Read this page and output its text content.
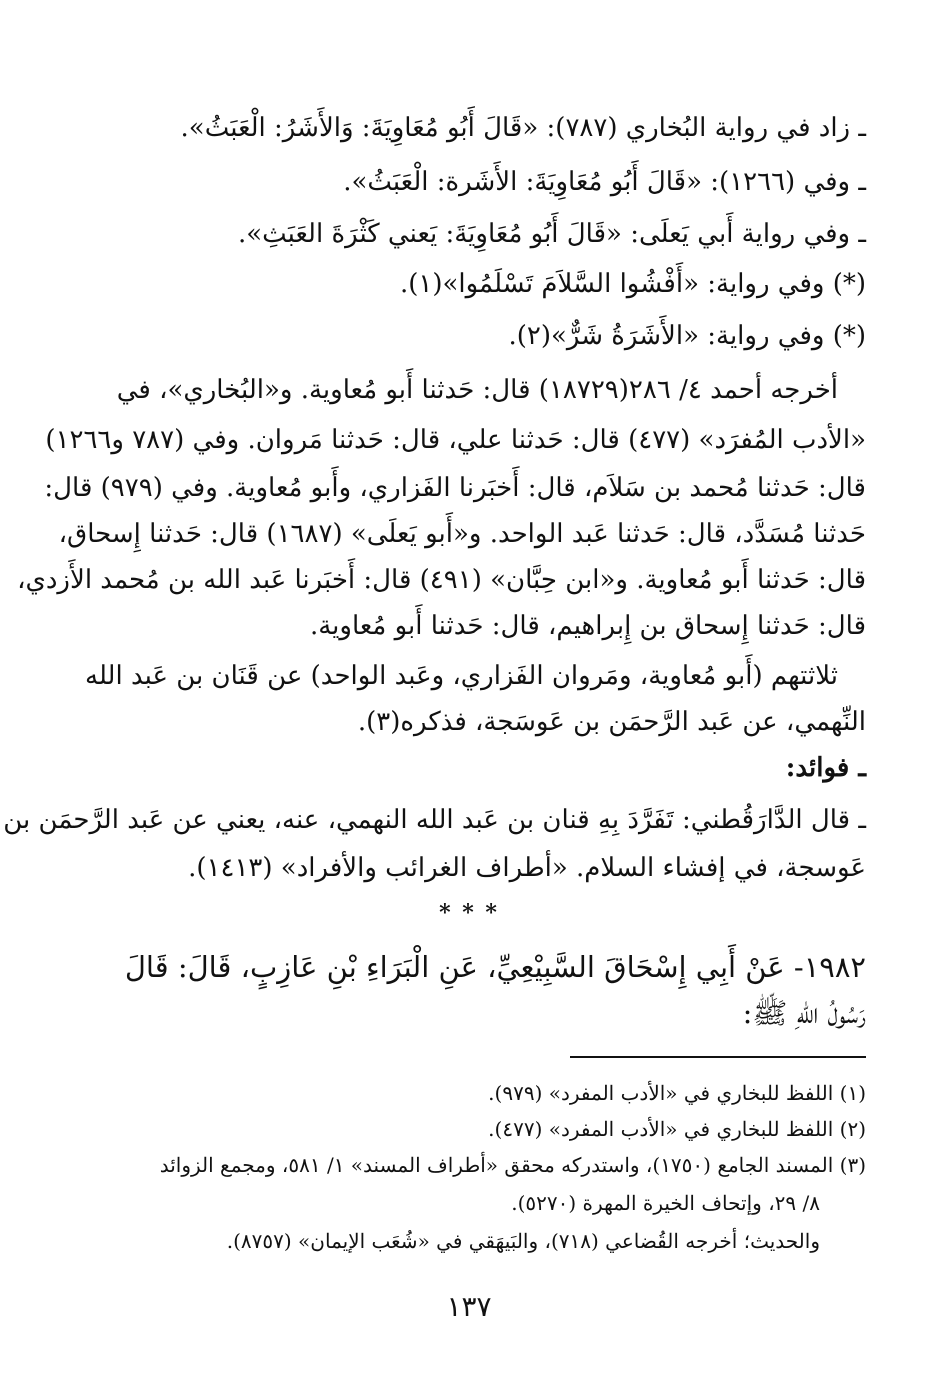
ـ زاد في رواية البُخاري (٧٨٧): «قَالَ أَبُو مُعَاوِيَةَ: وَالأَشَرُ: الْعَبَثُ».
ـ وفي (١٢٦٦): «قَالَ أَبُو مُعَاوِيَةَ: الأَشَرة: الْعَبَثُ».
ـ وفي رواية أَبي يَعلَى: «قَالَ أَبُو مُعَاوِيَةَ: يَعني كَثْرَةَ العَبَثِ».
(*) وفي رواية: «أَفْشُوا السَّلاَمَ تَسْلَمُوا»(١).
(*) وفي رواية: «الأَشَرَةُ شَرٌّ»(٢).
أخرجه أحمد ٤/ ٢٨٦(١٨٧٢٩) قال: حَدثنا أَبو مُعاوية. و«البُخاري»، في
«الأدب المُفرَد» (٤٧٧) قال: حَدثنا علي، قال: حَدثنا مَروان. وفي (٧٨٧ و١٢٦٦)
قال: حَدثنا مُحمد بن سَلاَم، قال: أَخبَرنا الفَزاري، وأَبو مُعاوية. وفي (٩٧٩) قال:
حَدثنا مُسَدَّد، قال: حَدثنا عَبد الواحد. و«أَبو يَعلَى» (١٦٨٧) قال: حَدثنا إِسحاق،
قال: حَدثنا أَبو مُعاوية. و«ابن حِبَّان» (٤٩١) قال: أَخبَرنا عَبد الله بن مُحمد الأَزدي،
قال: حَدثنا إِسحاق بن إِبراهيم، قال: حَدثنا أَبو مُعاوية.
ثلاثتهم (أَبو مُعاوية، ومَروان الفَزاري، وعَبد الواحد) عن قَنَان بن عَبد الله
النِّهمي، عن عَبد الرَّحمَن بن عَوسَجة، فذكره(٣).
ـ فوائد:
ـ قال الدَّارَقُطني: تَفَرَّدَ بِهِ قنان بن عَبد الله النهمي، عنه، يعني عن عَبد الرَّحمَن بن
عَوسجة، في إفشاء السلام. «أطراف الغرائب والأفراد» (١٤١٣).
* * *
١٩٨٢- عَنْ أَبِي إِسْحَاقَ السَّبِيْعِيِّ، عَنِ الْبَرَاءِ بْنِ عَازِبٍ، قَالَ: قَالَ
رَسُولُ اللهِ ﷺ:
(١) اللفظ للبخاري في «الأدب المفرد» (٩٧٩).
(٢) اللفظ للبخاري في «الأدب المفرد» (٤٧٧).
(٣) المسند الجامع (١٧٥٠)، واستدركه محقق «أطراف المسند» ١/ ٥٨١، ومجمع الزوائد
٨/ ٢٩، وإتحاف الخيرة المهرة (٥٢٧٠).
والحديث؛ أخرجه القُضاعي (٧١٨)، والبَيهَقي في «شُعَب الإيمان» (٨٧٥٧).
١٣٧
